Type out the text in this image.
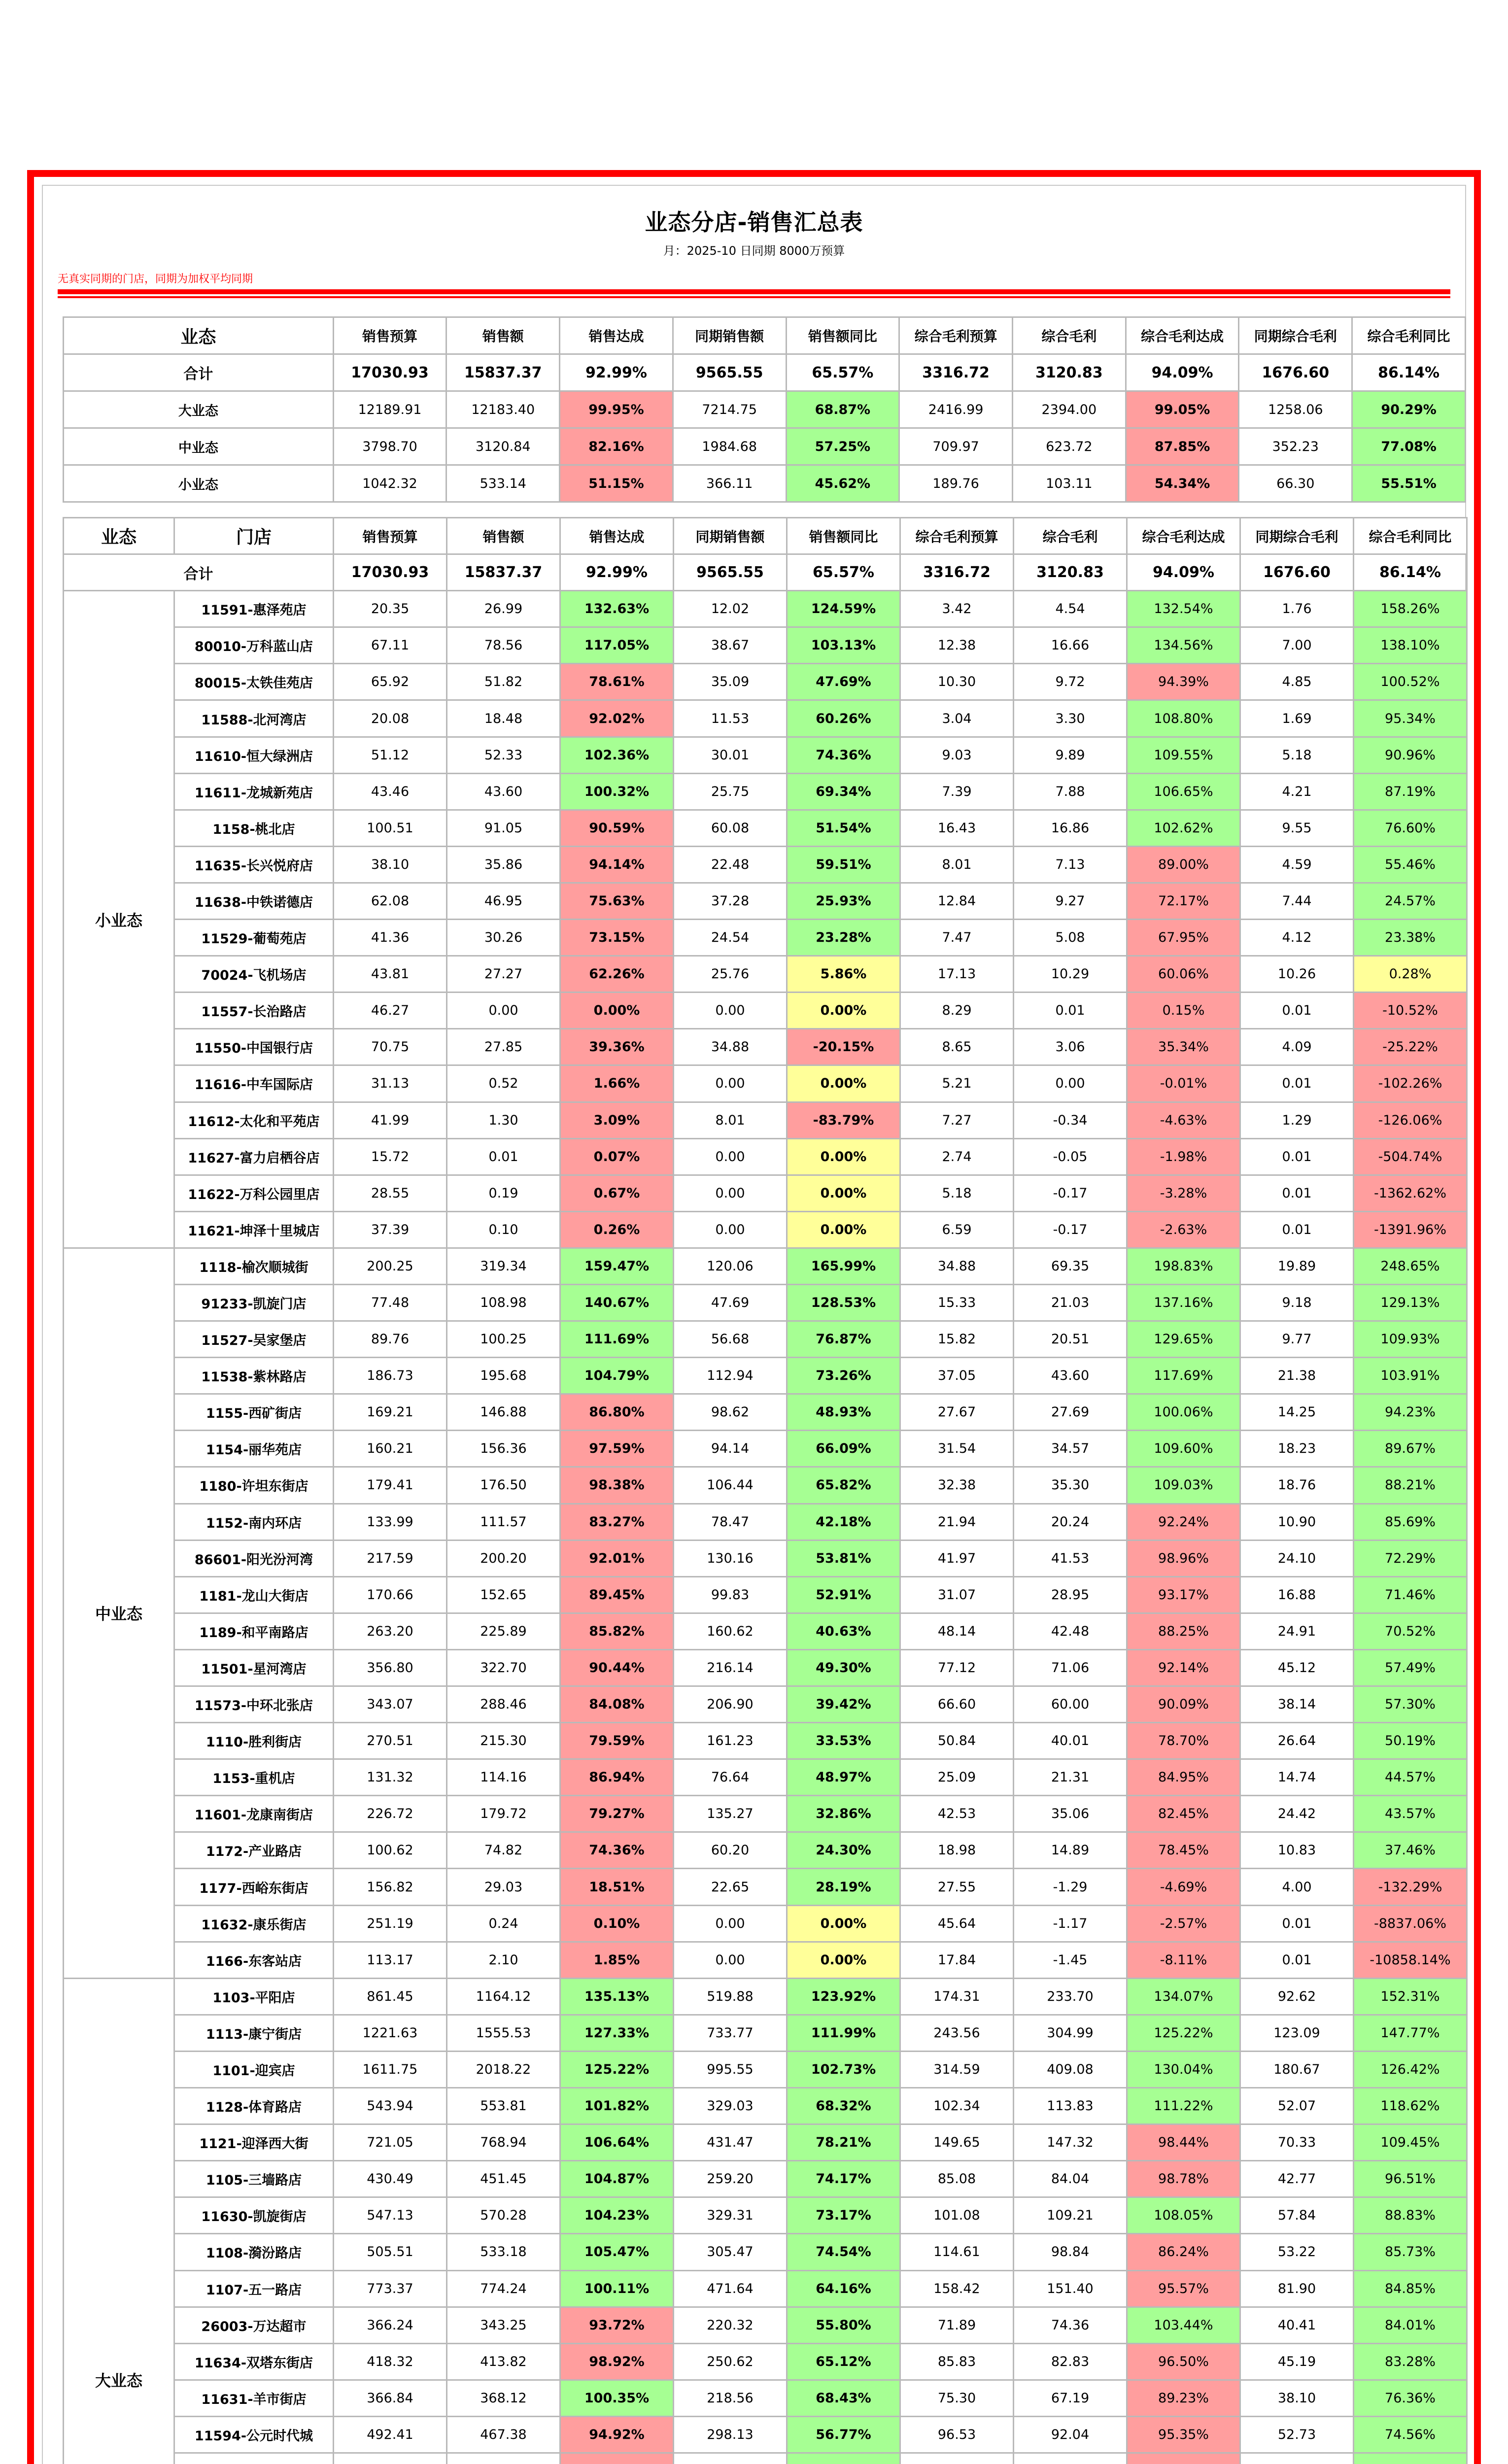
业态分店-销售汇总表
月：2025-10 日同期 8000万预算
无真实同期的门店，同期为加权平均同期
业态	销售预算	销售额	销售达成	同期销售额	销售额同比	综合毛利预算	综合毛利	综合毛利达成	同期综合毛利	综合毛利同比
合计	17030.93	15837.37	92.99%	9565.55	65.57%	3316.72	3120.83	94.09%	1676.60	86.14%
大业态	12189.91	12183.40	99.95%	7214.75	68.87%	2416.99	2394.00	99.05%	1258.06	90.29%
中业态	3798.70	3120.84	82.16%	1984.68	57.25%	709.97	623.72	87.85%	352.23	77.08%
小业态	1042.32	533.14	51.15%	366.11	45.62%	189.76	103.11	54.34%	66.30	55.51%
业态	门店	销售预算	销售额	销售达成	同期销售额	销售额同比	综合毛利预算	综合毛利	综合毛利达成	同期综合毛利	综合毛利同比
合计		17030.93	15837.37	92.99%	9565.55	65.57%	3316.72	3120.83	94.09%	1676.60	86.14%
小业态	11591-惠泽苑店	20.35	26.99	132.63%	12.02	124.59%	3.42	4.54	132.54%	1.76	158.26%
	80010-万科蓝山店	67.11	78.56	117.05%	38.67	103.13%	12.38	16.66	134.56%	7.00	138.10%
	80015-太铁佳苑店	65.92	51.82	78.61%	35.09	47.69%	10.30	9.72	94.39%	4.85	100.52%
	11588-北河湾店	20.08	18.48	92.02%	11.53	60.26%	3.04	3.30	108.80%	1.69	95.34%
	11610-恒大绿洲店	51.12	52.33	102.36%	30.01	74.36%	9.03	9.89	109.55%	5.18	90.96%
	11611-龙城新苑店	43.46	43.60	100.32%	25.75	69.34%	7.39	7.88	106.65%	4.21	87.19%
	1158-桃北店	100.51	91.05	90.59%	60.08	51.54%	16.43	16.86	102.62%	9.55	76.60%
	11635-长兴悦府店	38.10	35.86	94.14%	22.48	59.51%	8.01	7.13	89.00%	4.59	55.46%
	11638-中铁诺德店	62.08	46.95	75.63%	37.28	25.93%	12.84	9.27	72.17%	7.44	24.57%
	11529-葡萄苑店	41.36	30.26	73.15%	24.54	23.28%	7.47	5.08	67.95%	4.12	23.38%
	70024-飞机场店	43.81	27.27	62.26%	25.76	5.86%	17.13	10.29	60.06%	10.26	0.28%
	11557-长治路店	46.27	0.00	0.00%	0.00	0.00%	8.29	0.01	0.15%	0.01	-10.52%
	11550-中国银行店	70.75	27.85	39.36%	34.88	-20.15%	8.65	3.06	35.34%	4.09	-25.22%
	11616-中车国际店	31.13	0.52	1.66%	0.00	0.00%	5.21	0.00	-0.01%	0.01	-102.26%
	11612-太化和平苑店	41.99	1.30	3.09%	8.01	-83.79%	7.27	-0.34	-4.63%	1.29	-126.06%
	11627-富力启栖谷店	15.72	0.01	0.07%	0.00	0.00%	2.74	-0.05	-1.98%	0.01	-504.74%
	11622-万科公园里店	28.55	0.19	0.67%	0.00	0.00%	5.18	-0.17	-3.28%	0.01	-1362.62%
	11621-坤泽十里城店	37.39	0.10	0.26%	0.00	0.00%	6.59	-0.17	-2.63%	0.01	-1391.96%
中业态	1118-榆次顺城街	200.25	319.34	159.47%	120.06	165.99%	34.88	69.35	198.83%	19.89	248.65%
	91233-凯旋门店	77.48	108.98	140.67%	47.69	128.53%	15.33	21.03	137.16%	9.18	129.13%
	11527-吴家堡店	89.76	100.25	111.69%	56.68	76.87%	15.82	20.51	129.65%	9.77	109.93%
	11538-紫林路店	186.73	195.68	104.79%	112.94	73.26%	37.05	43.60	117.69%	21.38	103.91%
	1155-西矿街店	169.21	146.88	86.80%	98.62	48.93%	27.67	27.69	100.06%	14.25	94.23%
	1154-丽华苑店	160.21	156.36	97.59%	94.14	66.09%	31.54	34.57	109.60%	18.23	89.67%
	1180-许坦东街店	179.41	176.50	98.38%	106.44	65.82%	32.38	35.30	109.03%	18.76	88.21%
	1152-南内环店	133.99	111.57	83.27%	78.47	42.18%	21.94	20.24	92.24%	10.90	85.69%
	86601-阳光汾河湾	217.59	200.20	92.01%	130.16	53.81%	41.97	41.53	98.96%	24.10	72.29%
	1181-龙山大街店	170.66	152.65	89.45%	99.83	52.91%	31.07	28.95	93.17%	16.88	71.46%
	1189-和平南路店	263.20	225.89	85.82%	160.62	40.63%	48.14	42.48	88.25%	24.91	70.52%
	11501-星河湾店	356.80	322.70	90.44%	216.14	49.30%	77.12	71.06	92.14%	45.12	57.49%
	11573-中环北张店	343.07	288.46	84.08%	206.90	39.42%	66.60	60.00	90.09%	38.14	57.30%
	1110-胜利街店	270.51	215.30	79.59%	161.23	33.53%	50.84	40.01	78.70%	26.64	50.19%
	1153-重机店	131.32	114.16	86.94%	76.64	48.97%	25.09	21.31	84.95%	14.74	44.57%
	11601-龙康南街店	226.72	179.72	79.27%	135.27	32.86%	42.53	35.06	82.45%	24.42	43.57%
	1172-产业路店	100.62	74.82	74.36%	60.20	24.30%	18.98	14.89	78.45%	10.83	37.46%
	1177-西峪东街店	156.82	29.03	18.51%	22.65	28.19%	27.55	-1.29	-4.69%	4.00	-132.29%
	11632-康乐街店	251.19	0.24	0.10%	0.00	0.00%	45.64	-1.17	-2.57%	0.01	-8837.06%
	1166-东客站店	113.17	2.10	1.85%	0.00	0.00%	17.84	-1.45	-8.11%	0.01	-10858.14%
大业态	1103-平阳店	861.45	1164.12	135.13%	519.88	123.92%	174.31	233.70	134.07%	92.62	152.31%
	1113-康宁街店	1221.63	1555.53	127.33%	733.77	111.99%	243.56	304.99	125.22%	123.09	147.77%
	1101-迎宾店	1611.75	2018.22	125.22%	995.55	102.73%	314.59	409.08	130.04%	180.67	126.42%
	1128-体育路店	543.94	553.81	101.82%	329.03	68.32%	102.34	113.83	111.22%	52.07	118.62%
	1121-迎泽西大街	721.05	768.94	106.64%	431.47	78.21%	149.65	147.32	98.44%	70.33	109.45%
	1105-三墙路店	430.49	451.45	104.87%	259.20	74.17%	85.08	84.04	98.78%	42.77	96.51%
	11630-凯旋街店	547.13	570.28	104.23%	329.31	73.17%	101.08	109.21	108.05%	57.84	88.83%
	1108-漪汾路店	505.51	533.18	105.47%	305.47	74.54%	114.61	98.84	86.24%	53.22	85.73%
	1107-五一路店	773.37	774.24	100.11%	471.64	64.16%	158.42	151.40	95.57%	81.90	84.85%
	26003-万达超市	366.24	343.25	93.72%	220.32	55.80%	71.89	74.36	103.44%	40.41	84.01%
	11634-双塔东街店	418.32	413.82	98.92%	250.62	65.12%	85.83	82.83	96.50%	45.19	83.28%
	11631-羊市街店	366.84	368.12	100.35%	218.56	68.43%	75.30	67.19	89.23%	38.10	76.36%
	11594-公元时代城	492.41	467.38	94.92%	298.13	56.77%	96.53	92.04	95.35%	52.73	74.56%
